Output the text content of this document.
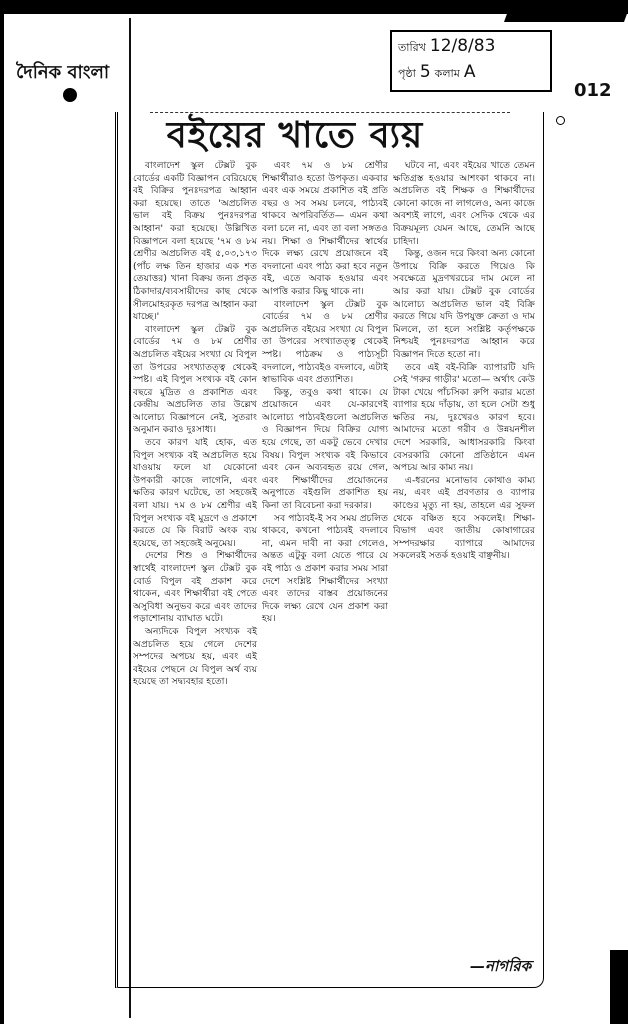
দৈনিক বাংলা
তারিখ 12/8/83
পৃষ্ঠা 5 কলাম A
012
বইয়ের খাতে ব্যয়

বাংলাদেশ স্কুল টেক্সট বুক বোর্ডের একটি বিজ্ঞাপন বেরিয়েছে বই বিক্রির পুনঃদরপত্র আহ্বান করা হয়েছে। তাতে 'অপ্রচলিত ভাল বই বিক্রয় পুনঃদরপত্র আহ্বান' করা হয়েছে। উল্লিখিত বিজ্ঞাপনে বলা হয়েছে '৭ম ও ৮ম শ্রেণীর অপ্রচলিত বই ৫,০৩,১৭৩ (পাঁচ লক্ষ তিন হাজার এক শত তেয়াত্তর) খানা বিক্রয় জন্য প্রকৃত ঠিকাদার/ব্যবসায়ীদের কাছ থেকে সীলমোহরকৃত দরপত্র আহ্বান করা যাচ্ছে।'

বাংলাদেশ স্কুল টেক্সট বুক বোর্ডের ৭ম ও ৮ম শ্রেণীর অপ্রচলিত বইয়ের সংখ্যা যে বিপুল তা উপরের সংখ্যাতত্ত্ব থেকেই স্পষ্ট। এই বিপুল সংখ্যক বই কোন বছরে মুদ্রিত ও প্রকাশিত এবং কেন্দ্রীয় অপ্রচলিত তার উল্লেখ আলোচ্য বিজ্ঞাপনে নেই, সুতরাং অনুমান করাও দুঃসাধ্য।

তবে কারণ যাই হোক, এত বিপুল সংখ্যক বই অপ্রচলিত হয়ে যাওয়ায় ফলে যা যেকোনো উপকারী কাজে লাগেনি, এবং ক্ষতির কারণ ঘটেছে, তা সহজেই বলা যায়। ৭ম ও ৮ম শ্রেণীর এই বিপুল সংখ্যক বই মুদ্রণে ও প্রকাশে করতে যে কি বিরাট অংক ব্যয় হয়েছে, তা সহজেই অনুমেয়।

দেশের শিশু ও শিক্ষার্থীদের স্বার্থেই বাংলাদেশ স্কুল টেক্সট বুক বোর্ড বিপুল বই প্রকাশ করে থাকেন, এবং শিক্ষার্থীরা বই পেতে অসুবিধা অনুভব করে এবং তাদের পড়াশোনায় ব্যাঘাত ঘটে।

অন্যদিকে বিপুল সংখ্যক বই অপ্রচলিত হয়ে গেলে দেশের সম্পদের অপচয় হয়, এবং এই বইয়ের পেছনে যে বিপুল অর্থ ব্যয় হয়েছে তা সদ্ব্যবহার হতো।

এবং ৭ম ও ৮ম শ্রেণীর শিক্ষার্থীরাও হতো উপকৃত। একবার এবং এক সময়ে প্রকাশিত বই প্রতি বছর ও সব সময় চলবে, পাঠ্যবই থাকবে অপরিবর্তিত— এমন কথা বলা চলে না, এবং তা বলা সঙ্গতও নয়। শিক্ষা ও শিক্ষার্থীদের স্বার্থের দিকে লক্ষ্য রেখে প্রয়োজনে বই বদলানো এবং পাঠ্য করা হবে নতুন বই, এতে অবাক হওয়ার এবং আপত্তি করার কিছু থাকে না।

বাংলাদেশ স্কুল টেক্সট বুক বোর্ডের ৭ম ও ৮ম শ্রেণীর অপ্রচলিত বইয়ের সংখ্যা যে বিপুল তা উপরের সংখ্যাতত্ত্ব থেকেই স্পষ্ট। পাঠক্রম ও পাঠ্যসূচী বদলালে, পাঠ্যবইও বদলাবে, এটাই স্বাভাবিক এবং প্রত্যাশিত।

কিন্তু, তবুও কথা থাকে। যে প্রয়োজনে এবং যে-কারণেই আলোচ্য পাঠ্যবইগুলো অপ্রচলিত ও বিজ্ঞাপন দিয়ে বিক্রির যোগ্য হয়ে গেছে, তা একটু ভেবে দেখার বিষয়। বিপুল সংখ্যক বই কিভাবে এবং কেন অব্যবহৃত রয়ে গেল, এবং শিক্ষার্থীদের প্রয়োজনের অনুপাতে বইগুলি প্রকাশিত হয় কিনা তা বিবেচনা করা দরকার।

সব পাঠ্যবই-ই সব সময় প্রচলিত থাকবে, কখনো পাঠ্যবই বদলাবে না, এমন দাবী না করা গেলেও, অন্তত এটুকু বলা যেতে পারে যে বই পাঠ্য ও প্রকাশ করার সময় সারা দেশে সংশ্লিষ্ট শিক্ষার্থীদের সংখ্যা এবং তাদের বাস্তব প্রয়োজনের দিকে লক্ষ্য রেখে যেন প্রকাশ করা হয়।

ঘটবে না, এবং বইয়ের খাতে তেমন ক্ষতিগ্রস্ত হওয়ার আশংকা থাকবে না। অপ্রচলিত বই শিক্ষক ও শিক্ষার্থীদের কোনো কাজে না লাগলেও, অন্য কাজে অবশ্যই লাগে, এবং সেদিক থেকে এর বিক্রয়মূল্য যেমন আছে, তেমনি আছে চাহিদা।

কিন্তু, ওজন দরে কিংবা অন্য কোনো উপায়ে বিক্রি করতে গিয়েও কি সবক্ষেত্রে মুদ্রণখরচের দাম মেলে না আর করা যায়। টেক্সট বুক বোর্ডের আলোচ্য অপ্রচলিত ভাল বই বিক্রি করতে গিয়ে যদি উপযুক্ত ক্রেতা ও দাম মিললে, তা হলে সংশ্লিষ্ট কর্তৃপক্ষকে নিশ্চয়ই পুনঃদরপত্র আহ্বান করে বিজ্ঞাপন দিতে হতো না।

তবে এই বই-বিক্রি ব্যাপারটি যদি সেই 'গরুর গাড়ীর' মতো— অর্থাৎ কেউ টাকা খেয়ে পাঁচসিকা রুপি করার মতো ব্যাপার হয়ে দাঁড়ায়, তা হলে সেটা শুধু ক্ষতির নয়, দুঃখেরও কারণ হবে। আমাদের মতো গরীব ও উন্নয়নশীল দেশে সরকারি, আধাসরকারি কিংবা বেসরকারি কোনো প্রতিষ্ঠানে এমন অপচয় আর কাম্য নয়।

এ-ধরনের মনোভাব কোথাও কাম্য নয়, এবং এই প্রবণতার ও ব্যাপার কাণ্ডের মৃত্যু না হয়, তাহলে এর সুফল থেকে বঞ্চিত হবে সকলেই। শিক্ষা-বিভাগ এবং জাতীয় কোষাগারের সম্পদরক্ষার ব্যাপারে আমাদের সকলেরই সতর্ক হওয়াই বাঞ্ছনীয়।

—নাগরিক
